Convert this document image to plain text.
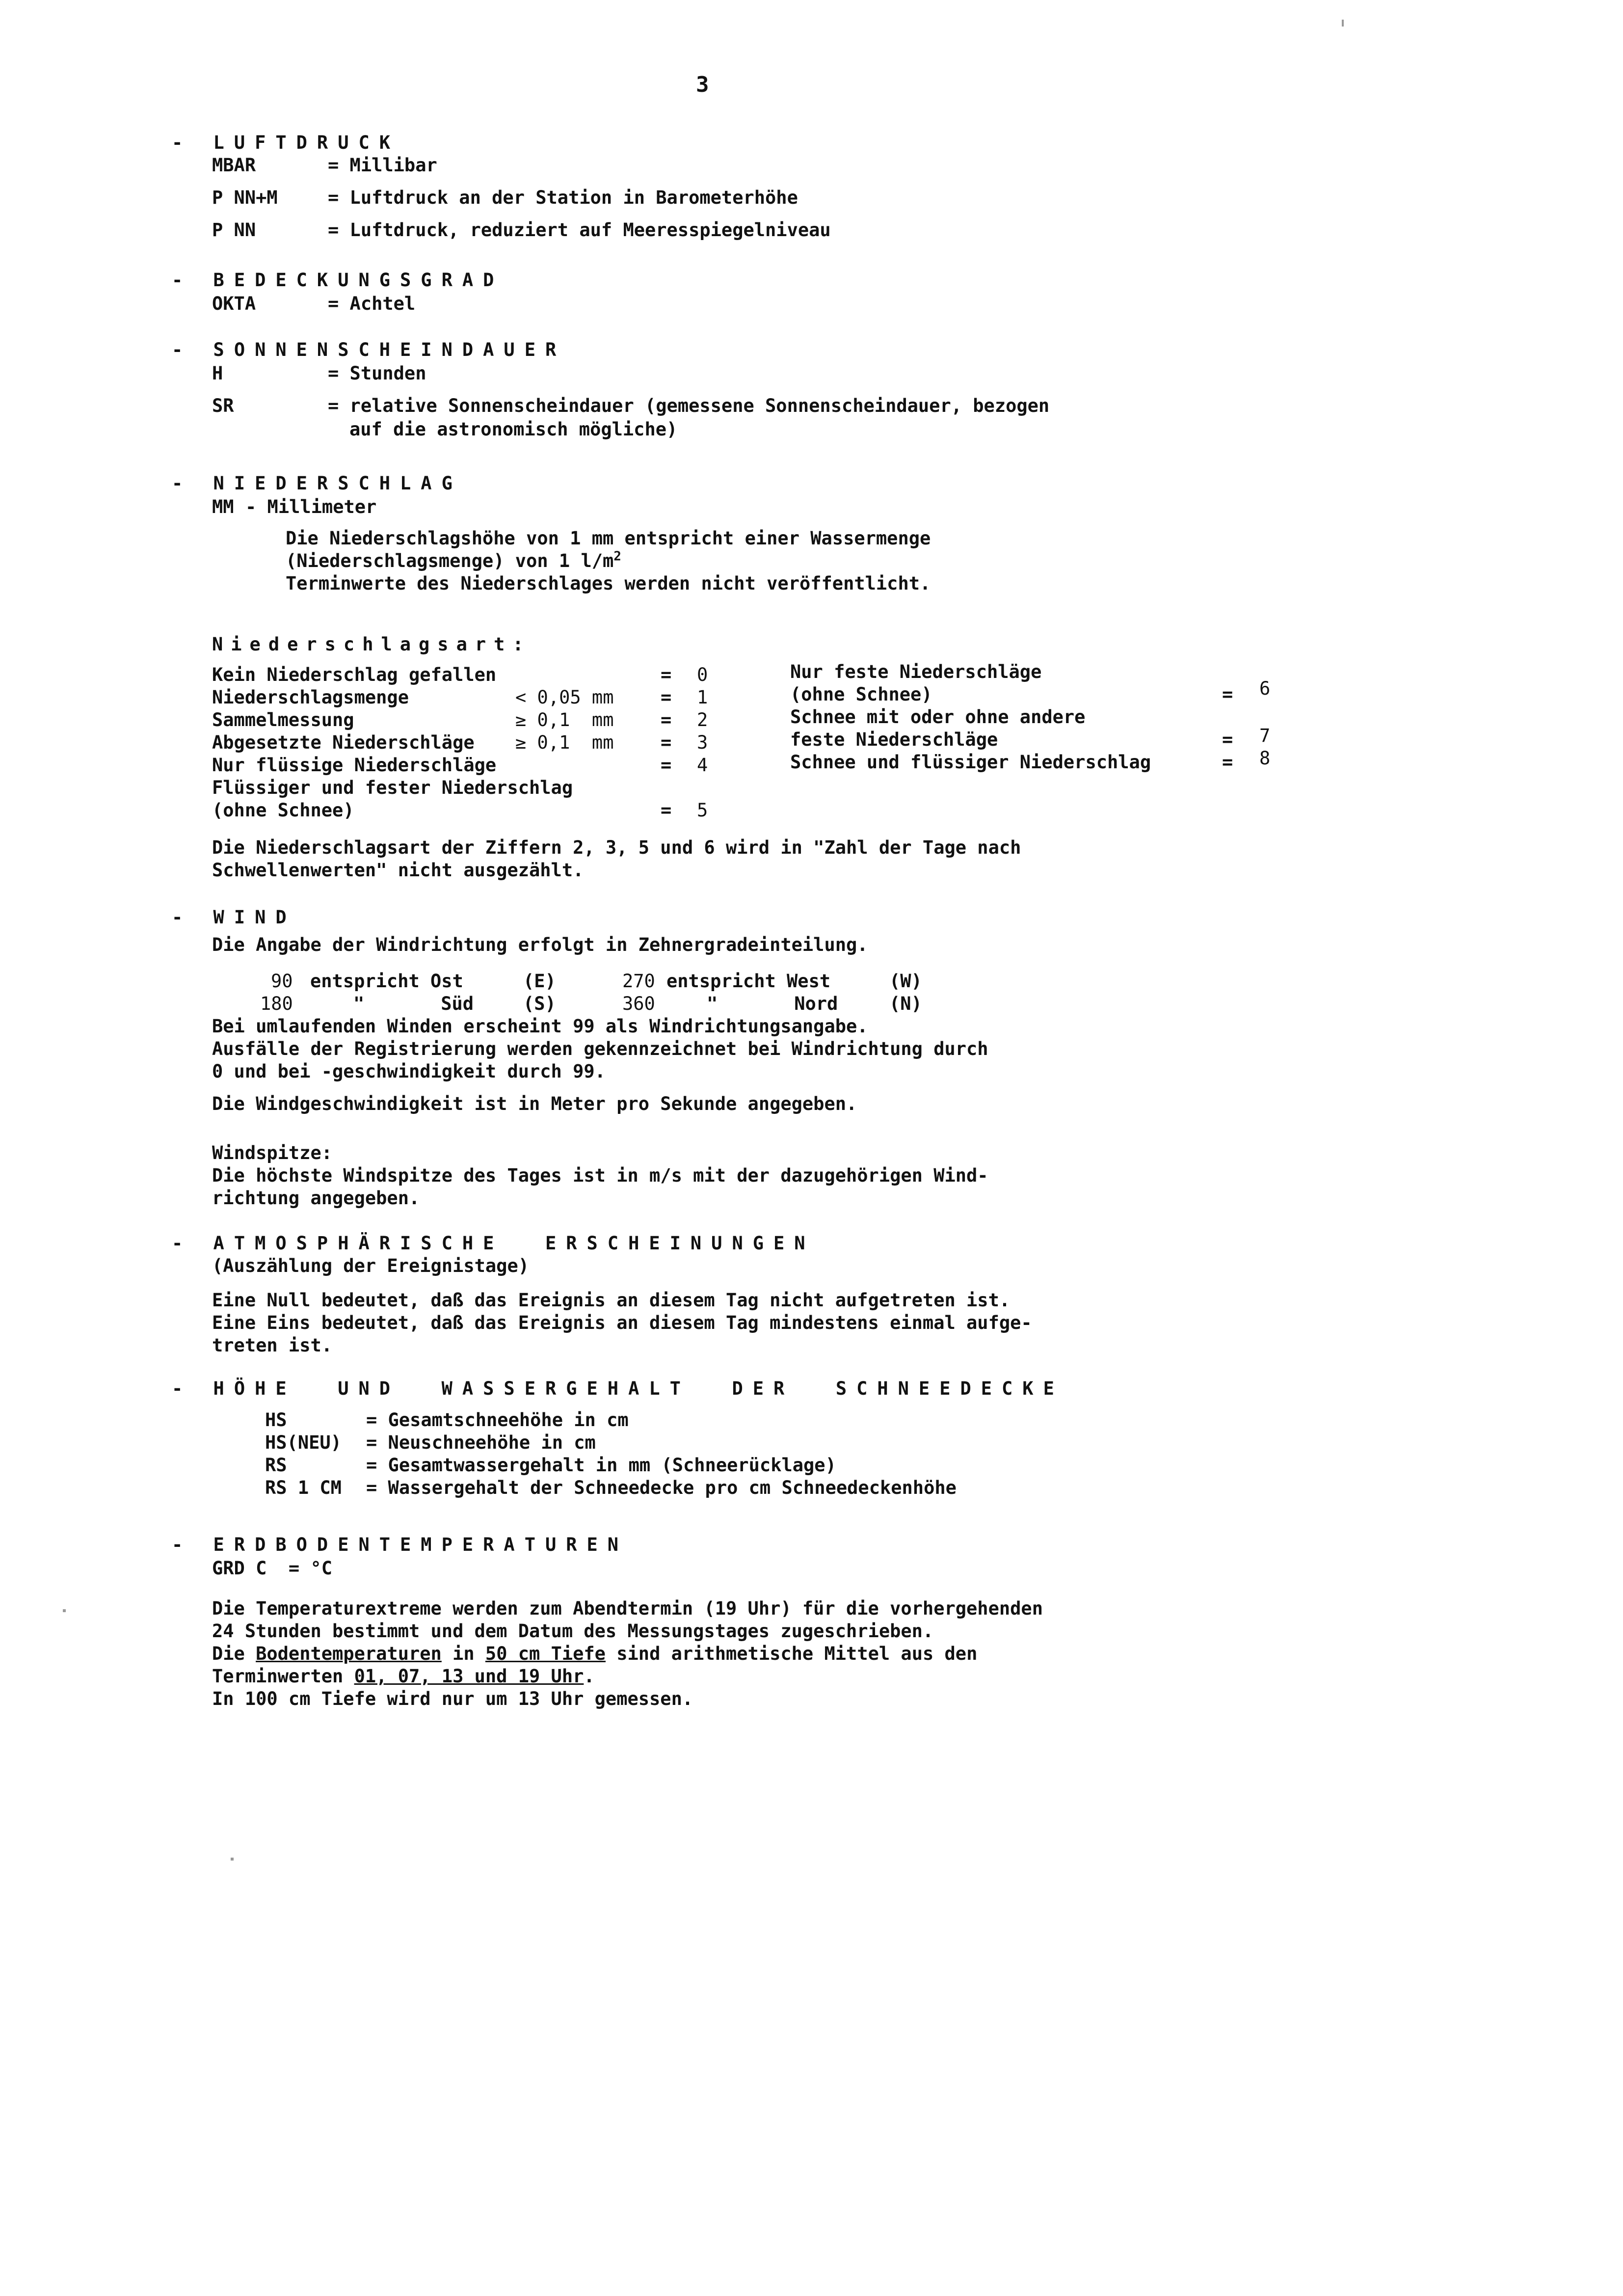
3
- LUFTDRUCK
MBAR	= Millibar
P NN+M	= Luftdruck an der Station in Barometerhöhe
P NN	= Luftdruck, reduziert auf Meeresspiegelniveau
- BEDECKUNGSGRAD
OKTA	= Achtel
- SONNENSCHEINDAUER
H	= Stunden
SR	= relative Sonnenscheindauer (gemessene Sonnenscheindauer, bezogen
auf die astronomisch mögliche)
- NIEDERSCHLAG
MM - Millimeter
Die Niederschlagshöhe von 1 mm entspricht einer Wassermenge
(Niederschlagsmenge) von 1 $l/m^2$
Terminwerte des Niederschlages werden nicht veröffentlicht.
Niederschlagsart:
Kein Niederschlag gefallen	= 0
Niederschlagsmenge	< 0,05 mm	= 1
Sammelmessung	≥ 0,1  mm	= 2
Abgesetzte Niederschläge ≥ 0,1  mm	= 3
Nur flüssige Niederschläge	= 4
Flüssiger und fester Niederschlag
(ohne Schnee)	= 5
Nur feste Niederschläge
(ohne Schnee)	= 6
Schnee mit oder ohne andere
feste Niederschläge	= 7
Schnee und flüssiger Niederschlag	= 8
Die Niederschlagsart der Ziffern 2, 3, 5 und 6 wird in "Zahl der Tage nach
Schwellenwerten" nicht ausgezählt.
- WIND
Die Angabe der Windrichtung erfolgt in Zehnergradeinteilung.
90 entspricht Ost	(E)	270 entspricht West	(W)
180	"       Süd	(S)	360	"       Nord	(N)
Bei umlaufenden Winden erscheint 99 als Windrichtungsangabe.
Ausfälle der Registrierung werden gekennzeichnet bei Windrichtung durch
0 und bei -geschwindigkeit durch 99.
Die Windgeschwindigkeit ist in Meter pro Sekunde angegeben.
Windspitze:
Die höchste Windspitze des Tages ist in m/s mit der dazugehörigen Wind-
richtung angegeben.
- ATMOSPHÄRISCHE  ERSCHEINUNGEN
(Auszählung der Ereignistage)
Eine Null bedeutet, daß das Ereignis an diesem Tag nicht aufgetreten ist.
Eine Eins bedeutet, daß das Ereignis an diesem Tag mindestens einmal aufge-
treten ist.
- HÖHE  UND  WASSERGEHALT  DER  SCHNEEDECKE
HS	= Gesamtschneehöhe in cm
HS(NEU) = Neuschneehöhe in cm
RS	= Gesamtwassergehalt in mm (Schneerücklage)
RS 1 CM = Wassergehalt der Schneedecke pro cm Schneedeckenhöhe
- ERDBODENTEMPERATUREN
GRD C  = °C
Die Temperaturextreme werden zum Abendtermin (19 Uhr) für die vorhergehenden
24 Stunden bestimmt und dem Datum des Messungstages zugeschrieben.
Die Bodentemperaturen in 50 cm Tiefe sind arithmetische Mittel aus den
Terminwerten 01, 07, 13 und 19 Uhr.
In 100 cm Tiefe wird nur um 13 Uhr gemessen.
